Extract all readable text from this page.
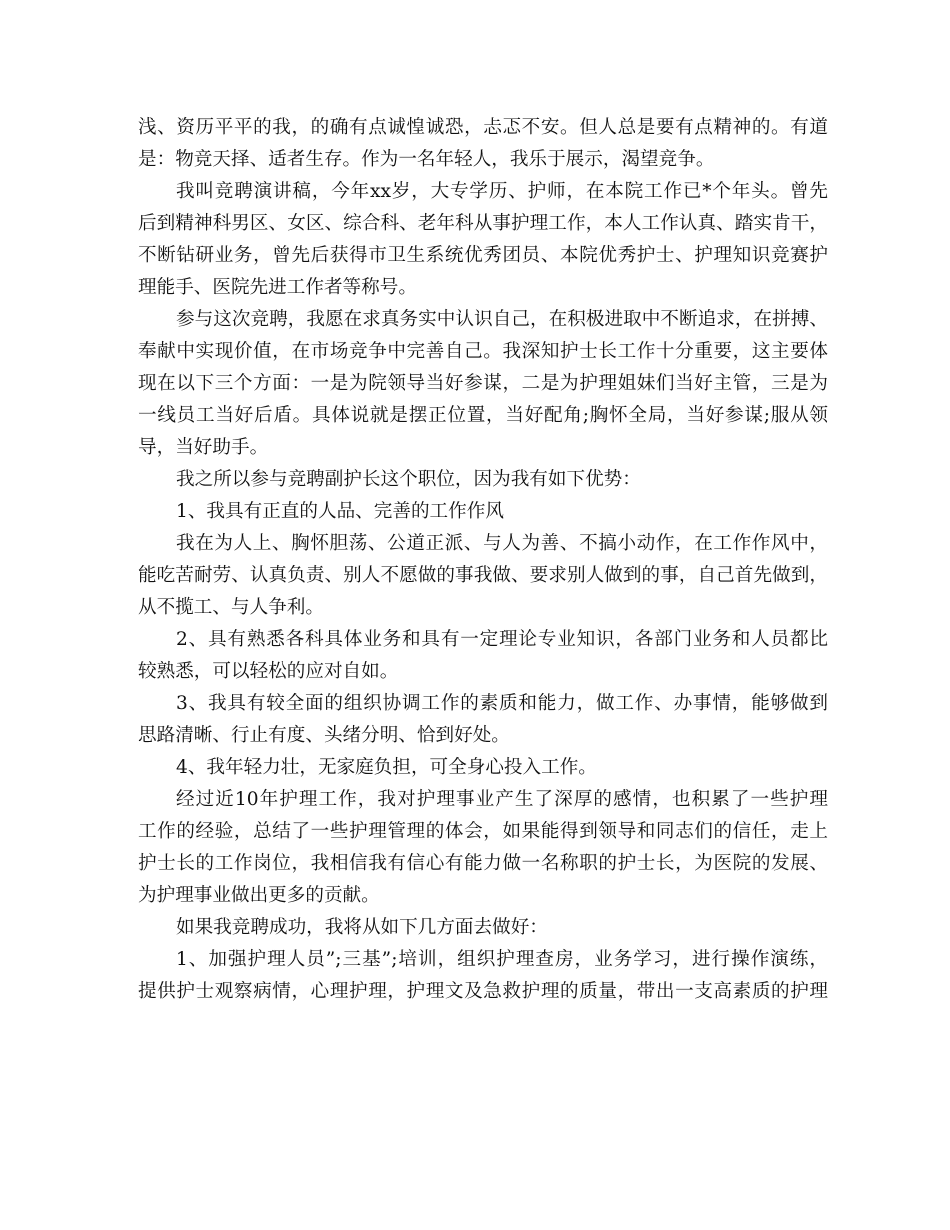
浅、资历平平的我，的确有点诚惶诚恐，忐忑不安。但人总是要有点精神的。有道
是：物竞天择、适者生存。作为一名年轻人，我乐于展示，渴望竞争。
我叫竞聘演讲稿，今年xx岁，大专学历、护师，在本院工作已*个年头。曾先
后到精神科男区、女区、综合科、老年科从事护理工作，本人工作认真、踏实肯干，
不断钻研业务，曾先后获得市卫生系统优秀团员、本院优秀护士、护理知识竞赛护
理能手、医院先进工作者等称号。
参与这次竞聘，我愿在求真务实中认识自己，在积极进取中不断追求，在拼搏、
奉献中实现价值，在市场竞争中完善自己。我深知护士长工作十分重要，这主要体
现在以下三个方面：一是为院领导当好参谋，二是为护理姐妹们当好主管，三是为
一线员工当好后盾。具体说就是摆正位置，当好配角;胸怀全局，当好参谋;服从领
导，当好助手。
我之所以参与竞聘副护长这个职位，因为我有如下优势：
1、我具有正直的人品、完善的工作作风
我在为人上、胸怀胆荡、公道正派、与人为善、不搞小动作，在工作作风中，
能吃苦耐劳、认真负责、别人不愿做的事我做、要求别人做到的事，自己首先做到，
从不揽工、与人争利。
2、具有熟悉各科具体业务和具有一定理论专业知识，各部门业务和人员都比
较熟悉，可以轻松的应对自如。
3、我具有较全面的组织协调工作的素质和能力，做工作、办事情，能够做到
思路清晰、行止有度、头绪分明、恰到好处。
4、我年轻力壮，无家庭负担，可全身心投入工作。
经过近10年护理工作，我对护理事业产生了深厚的感情，也积累了一些护理
工作的经验，总结了一些护理管理的体会，如果能得到领导和同志们的信任，走上
护士长的工作岗位，我相信我有信心有能力做一名称职的护士长，为医院的发展、
为护理事业做出更多的贡献。
如果我竞聘成功，我将从如下几方面去做好：
1、加强护理人员”;三基”;培训，组织护理查房，业务学习，进行操作演练，
提供护士观察病情，心理护理，护理文及急救护理的质量，带出一支高素质的护理
